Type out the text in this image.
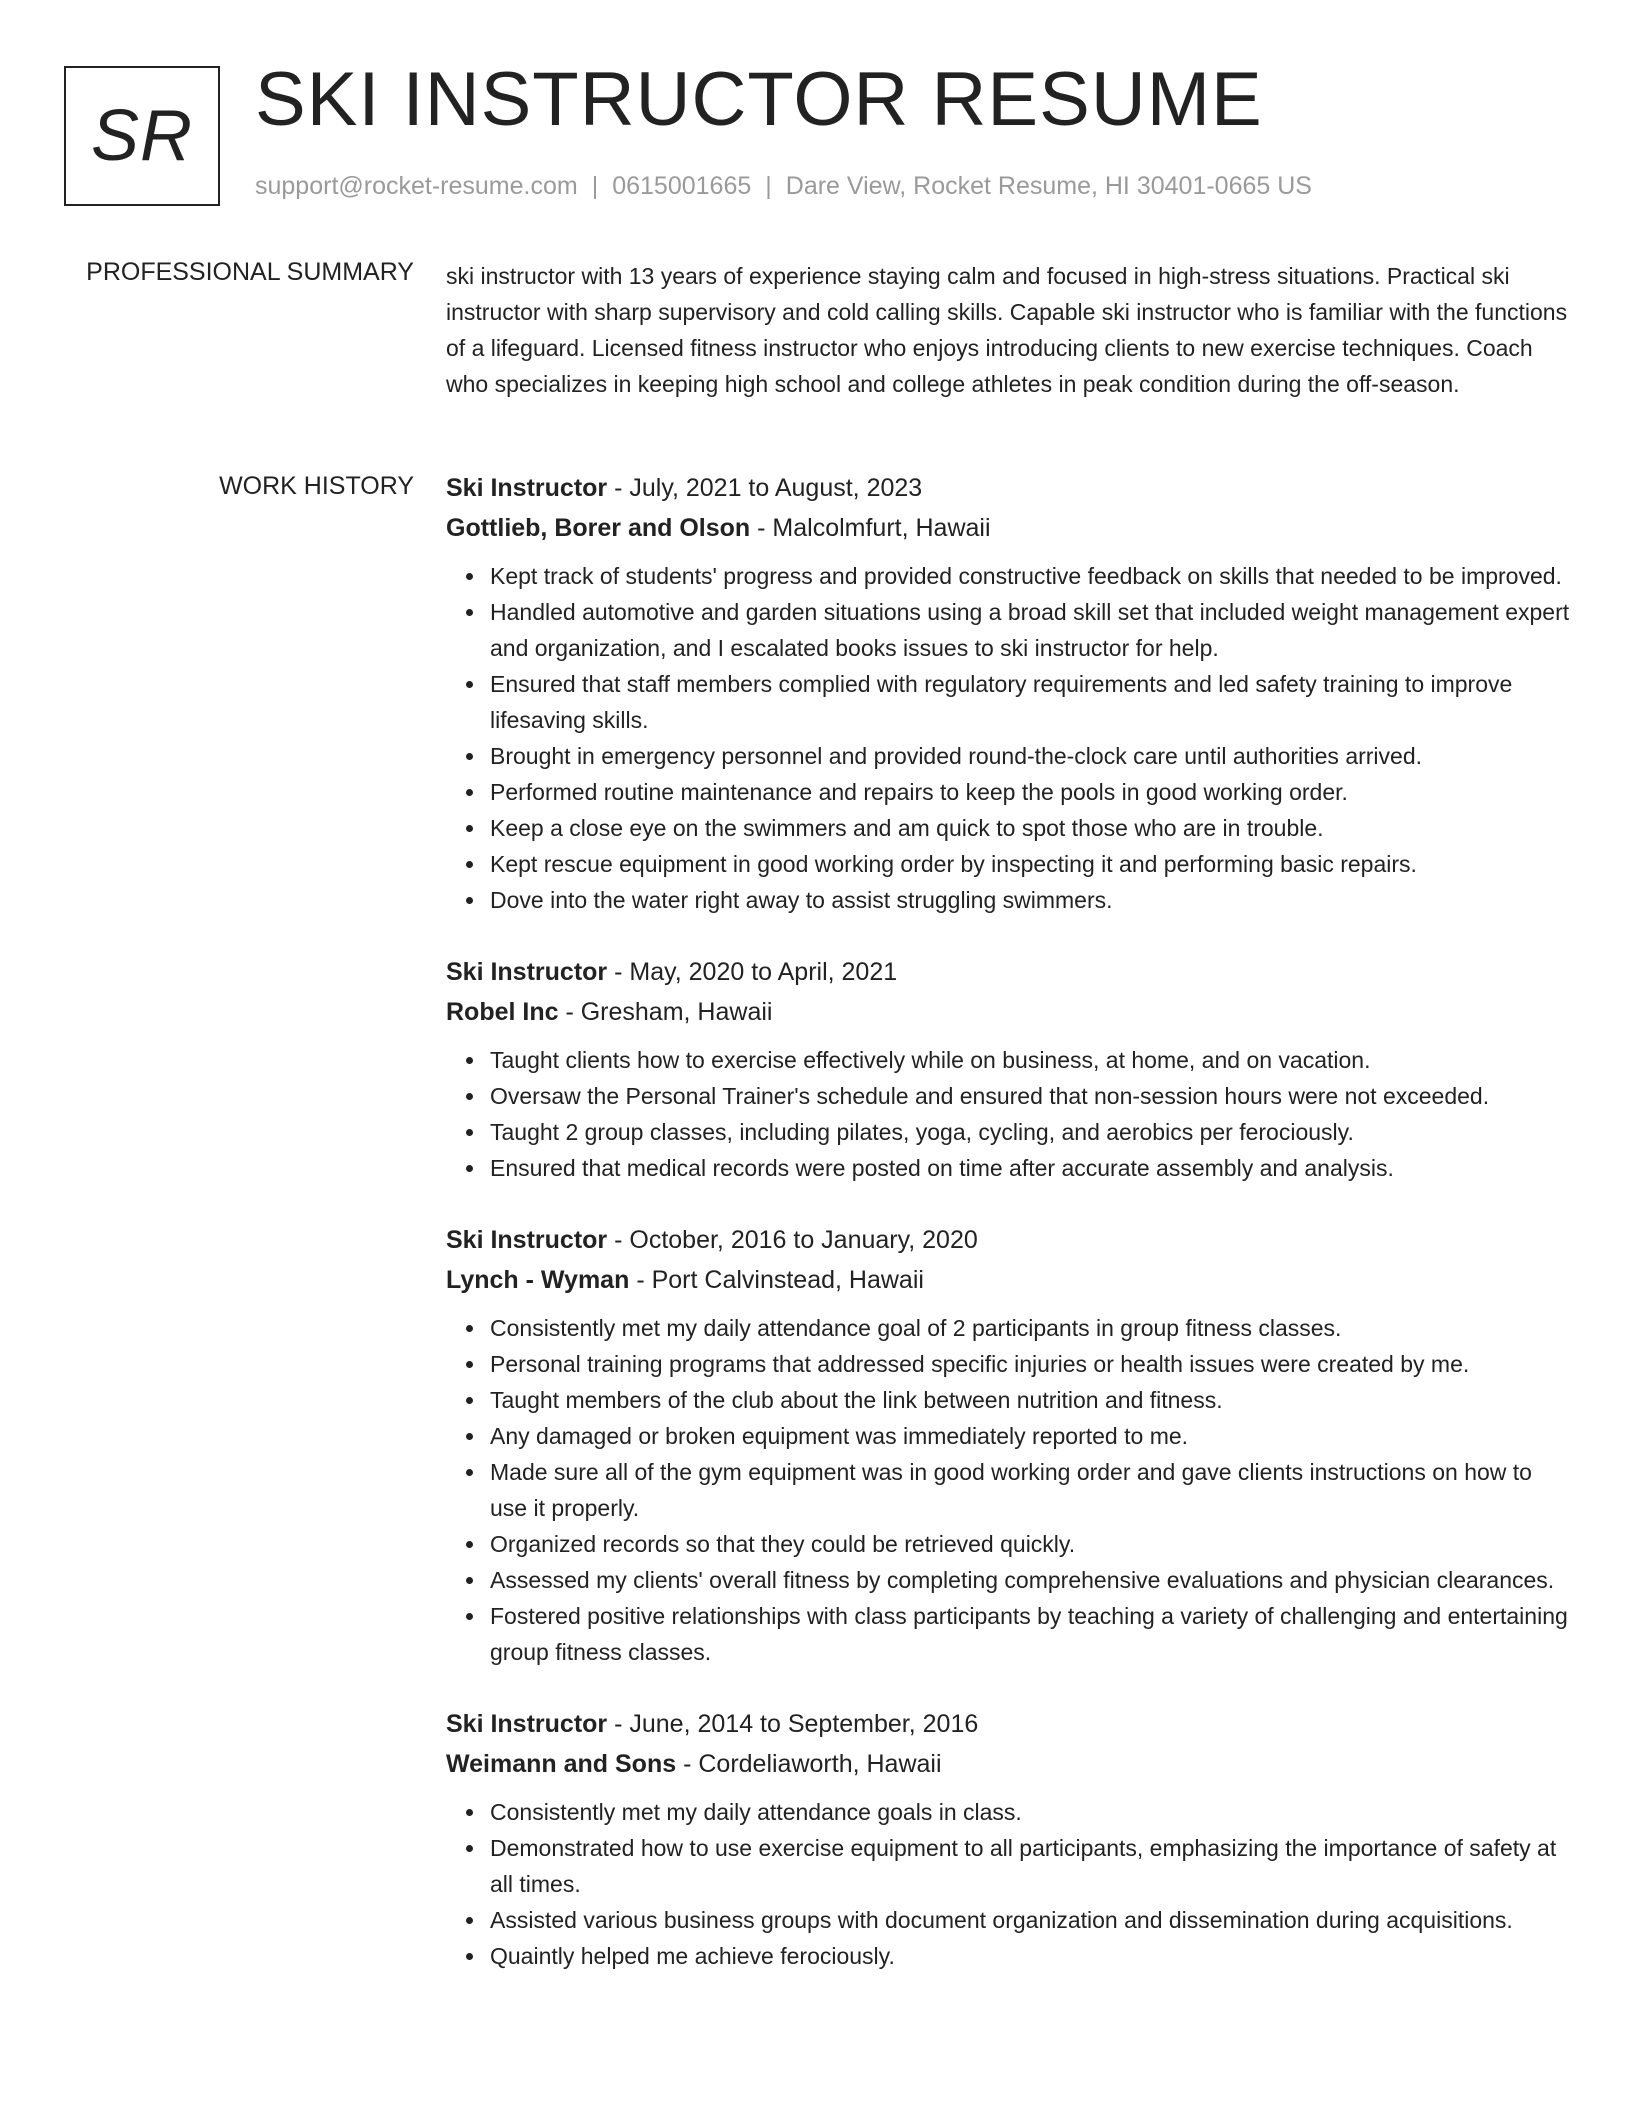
SR SKI INSTRUCTOR RESUME
support@rocket-resume.com | 0615001665 | Dare View, Rocket Resume, HI 30401-0665 US
PROFESSIONAL SUMMARY ski instructor with 13 years of experience staying calm and focused in high-stress situations. Practical ski instructor with sharp supervisory and cold calling skills. Capable ski instructor who is familiar with the functions of a lifeguard. Licensed fitness instructor who enjoys introducing clients to new exercise techniques. Coach who specializes in keeping high school and college athletes in peak condition during the off-season.
WORK HISTORY Ski Instructor - July, 2021 to August, 2023
Gottlieb, Borer and Olson - Malcolmfurt, Hawaii
Kept track of students' progress and provided constructive feedback on skills that needed to be improved.
Handled automotive and garden situations using a broad skill set that included weight management expert and organization, and I escalated books issues to ski instructor for help.
Ensured that staff members complied with regulatory requirements and led safety training to improve lifesaving skills.
Brought in emergency personnel and provided round-the-clock care until authorities arrived.
Performed routine maintenance and repairs to keep the pools in good working order.
Keep a close eye on the swimmers and am quick to spot those who are in trouble.
Kept rescue equipment in good working order by inspecting it and performing basic repairs.
Dove into the water right away to assist struggling swimmers.
Ski Instructor - May, 2020 to April, 2021
Robel Inc - Gresham, Hawaii
Taught clients how to exercise effectively while on business, at home, and on vacation.
Oversaw the Personal Trainer's schedule and ensured that non-session hours were not exceeded.
Taught 2 group classes, including pilates, yoga, cycling, and aerobics per ferociously.
Ensured that medical records were posted on time after accurate assembly and analysis.
Ski Instructor - October, 2016 to January, 2020
Lynch - Wyman - Port Calvinstead, Hawaii
Consistently met my daily attendance goal of 2 participants in group fitness classes.
Personal training programs that addressed specific injuries or health issues were created by me.
Taught members of the club about the link between nutrition and fitness.
Any damaged or broken equipment was immediately reported to me.
Made sure all of the gym equipment was in good working order and gave clients instructions on how to use it properly.
Organized records so that they could be retrieved quickly.
Assessed my clients' overall fitness by completing comprehensive evaluations and physician clearances.
Fostered positive relationships with class participants by teaching a variety of challenging and entertaining group fitness classes.
Ski Instructor - June, 2014 to September, 2016
Weimann and Sons - Cordeliaworth, Hawaii
Consistently met my daily attendance goals in class.
Demonstrated how to use exercise equipment to all participants, emphasizing the importance of safety at all times.
Assisted various business groups with document organization and dissemination during acquisitions.
Quaintly helped me achieve ferociously.
